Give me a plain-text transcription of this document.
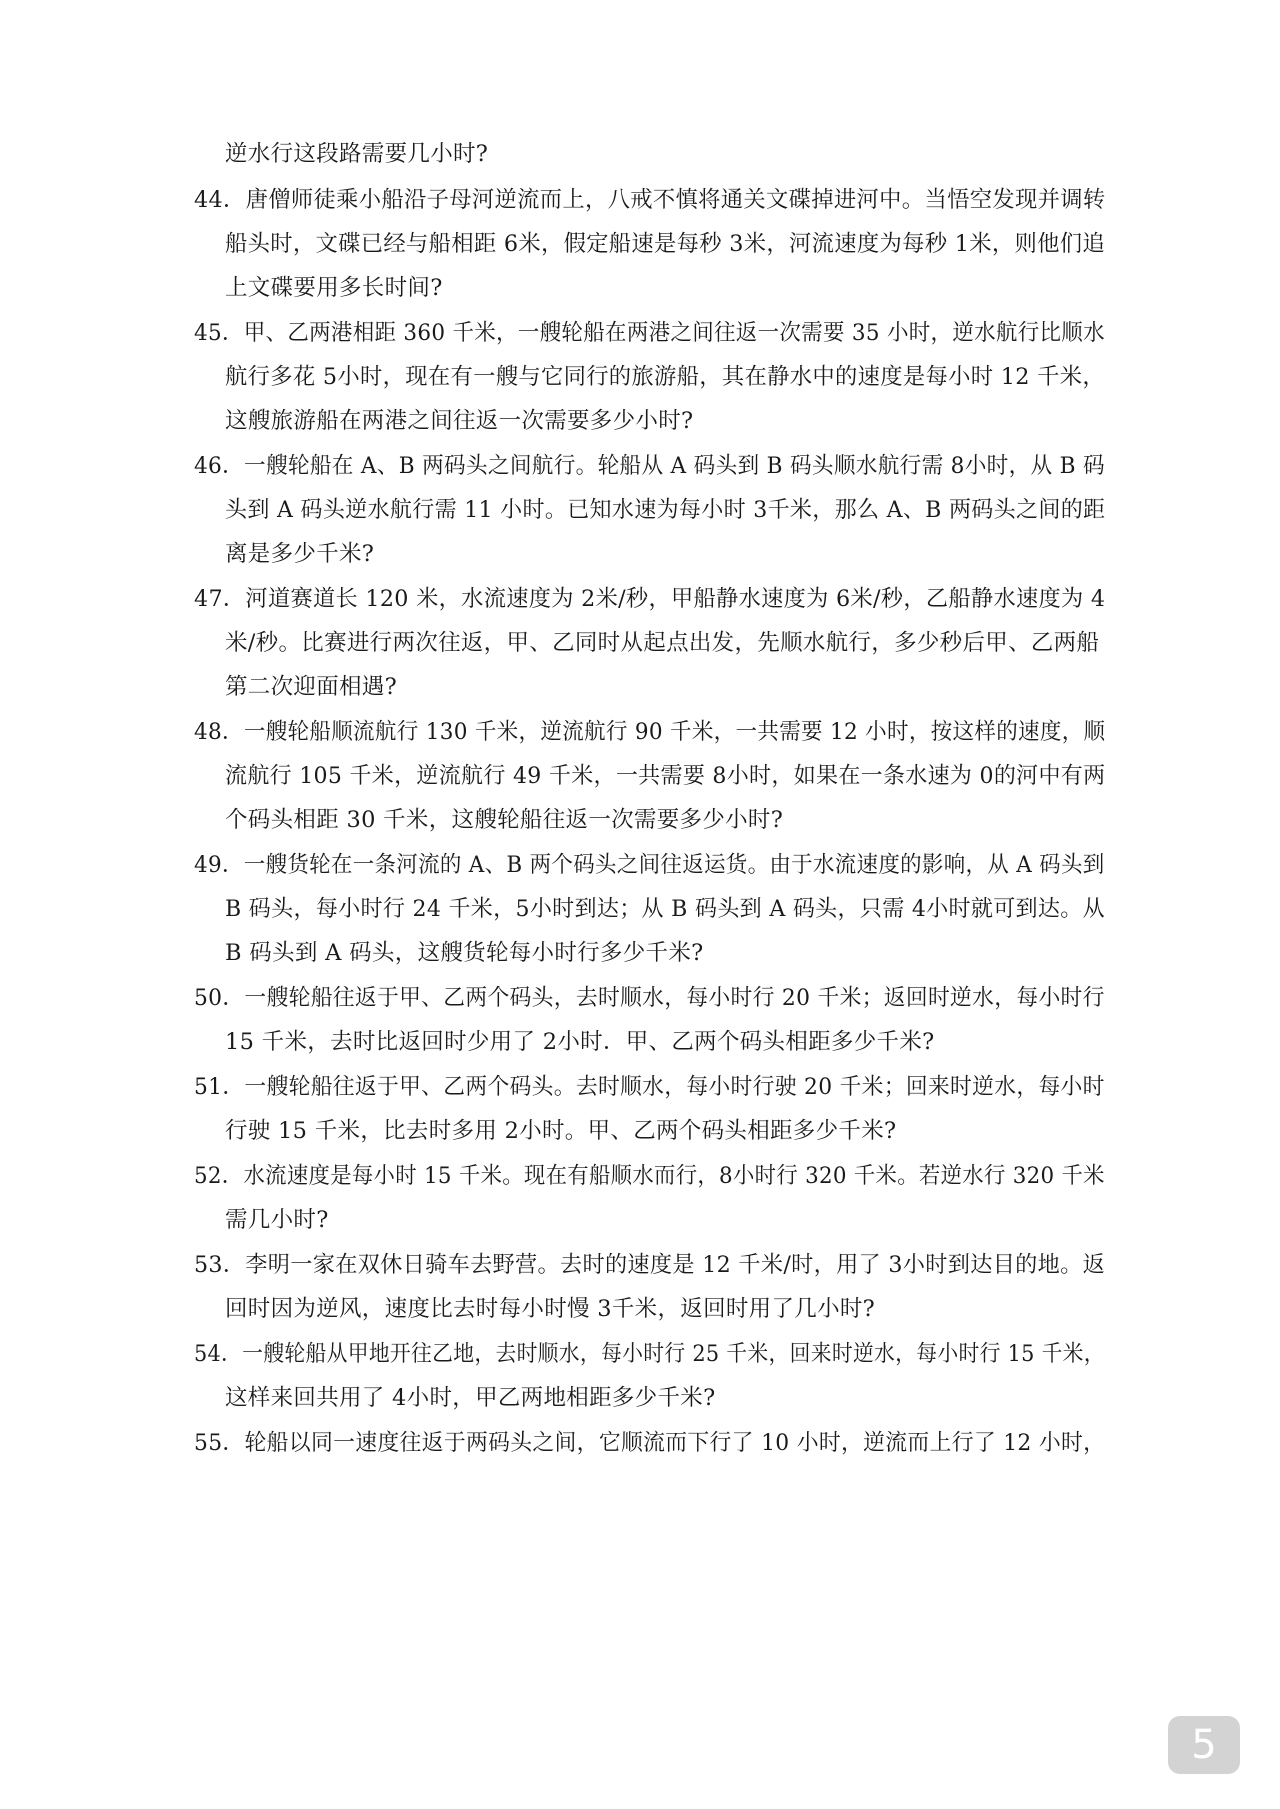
逆水行这段路需要几小时?
44．唐僧师徒乘小船沿子母河逆流而上，八戒不慎将通关文碟掉进河中。当悟空发现并调转
船头时，文碟已经与船相距 6米，假定船速是每秒 3米，河流速度为每秒 1米，则他们追
上文碟要用多长时间?
45．甲、乙两港相距 360 千米，一艘轮船在两港之间往返一次需要 35 小时，逆水航行比顺水
航行多花 5小时，现在有一艘与它同行的旅游船，其在静水中的速度是每小时 12 千米，
这艘旅游船在两港之间往返一次需要多少小时?
46．一艘轮船在 A、B 两码头之间航行。轮船从 A 码头到 B 码头顺水航行需 8小时，从 B 码
头到 A 码头逆水航行需 11 小时。已知水速为每小时 3千米，那么 A、B 两码头之间的距
离是多少千米?
47．河道赛道长 120 米，水流速度为 2米/秒，甲船静水速度为 6米/秒，乙船静水速度为 4
米/秒。比赛进行两次往返，甲、乙同时从起点出发，先顺水航行，多少秒后甲、乙两船
第二次迎面相遇?
48．一艘轮船顺流航行 130 千米，逆流航行 90 千米，一共需要 12 小时，按这样的速度，顺
流航行 105 千米，逆流航行 49 千米，一共需要 8小时，如果在一条水速为 0的河中有两
个码头相距 30 千米，这艘轮船往返一次需要多少小时?
49．一艘货轮在一条河流的 A、B 两个码头之间往返运货。由于水流速度的影响，从 A 码头到
B 码头，每小时行 24 千米，5小时到达；从 B 码头到 A 码头，只需 4小时就可到达。从
B 码头到 A 码头，这艘货轮每小时行多少千米?
50．一艘轮船往返于甲、乙两个码头，去时顺水，每小时行 20 千米；返回时逆水，每小时行
15 千米，去时比返回时少用了 2小时．甲、乙两个码头相距多少千米?
51．一艘轮船往返于甲、乙两个码头。去时顺水，每小时行驶 20 千米；回来时逆水，每小时
行驶 15 千米，比去时多用 2小时。甲、乙两个码头相距多少千米?
52．水流速度是每小时 15 千米。现在有船顺水而行，8小时行 320 千米。若逆水行 320 千米
需几小时?
53．李明一家在双休日骑车去野营。去时的速度是 12 千米/时，用了 3小时到达目的地。返
回时因为逆风，速度比去时每小时慢 3千米，返回时用了几小时?
54．一艘轮船从甲地开往乙地，去时顺水，每小时行 25 千米，回来时逆水，每小时行 15 千米，
这样来回共用了 4小时，甲乙两地相距多少千米?
55．轮船以同一速度往返于两码头之间，它顺流而下行了 10 小时，逆流而上行了 12 小时，
5
